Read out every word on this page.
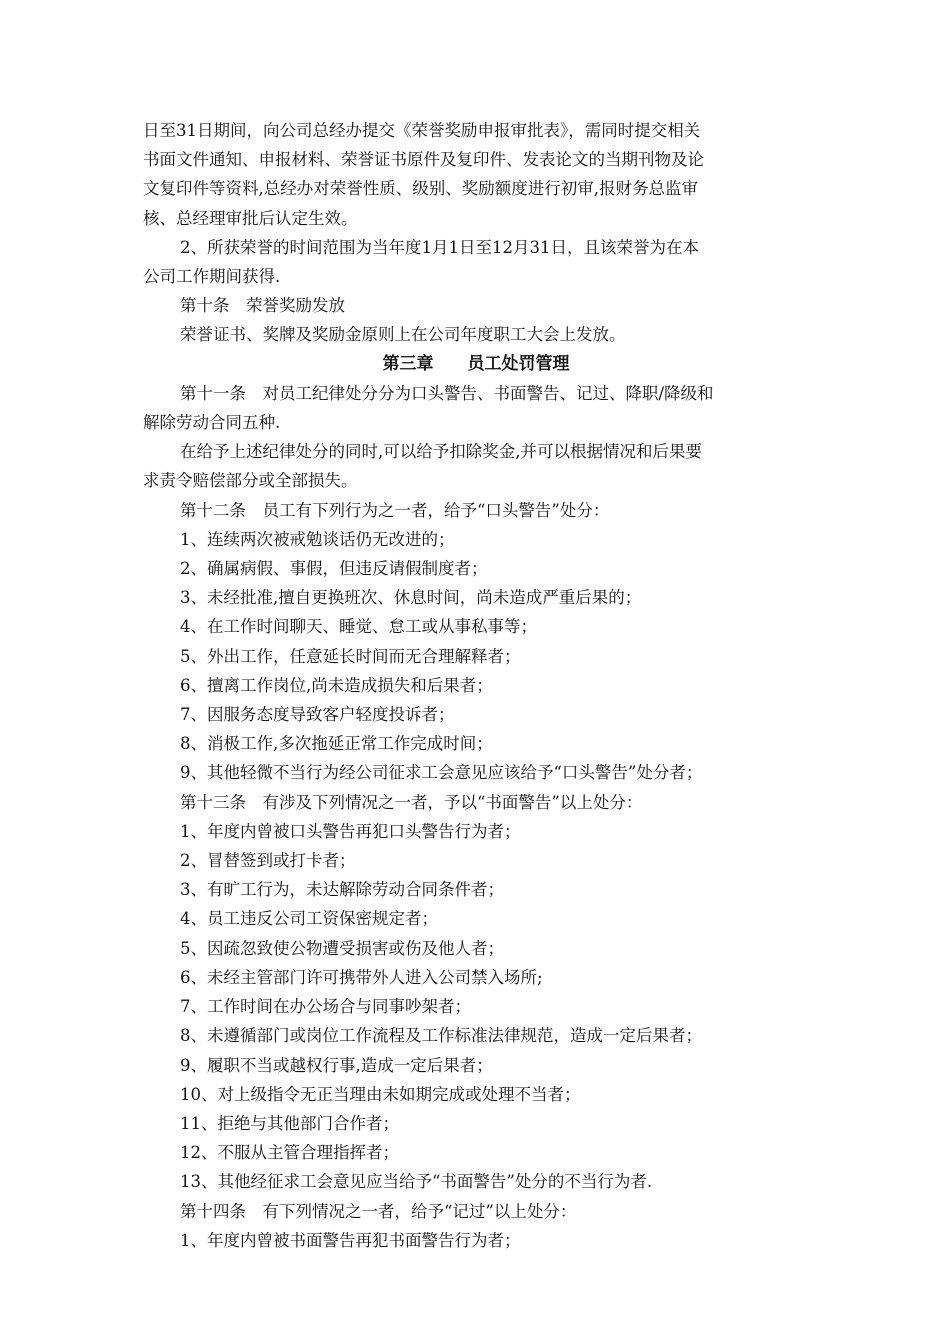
日至31日期间，向公司总经办提交《荣誉奖励申报审批表》，需同时提交相关
书面文件通知、申报材料、荣誉证书原件及复印件、发表论文的当期刊物及论
文复印件等资料,总经办对荣誉性质、级别、奖励额度进行初审,报财务总监审
核、总经理审批后认定生效。
2、所获荣誉的时间范围为当年度1月1日至12月31日，且该荣誉为在本
公司工作期间获得.
第十条　荣誉奖励发放
荣誉证书、奖牌及奖励金原则上在公司年度职工大会上发放。
第三章　　员工处罚管理
第十一条　对员工纪律处分分为口头警告、书面警告、记过、降职/降级和
解除劳动合同五种.
在给予上述纪律处分的同时,可以给予扣除奖金,并可以根据情况和后果要
求责令赔偿部分或全部损失。
第十二条　员工有下列行为之一者，给予“口头警告”处分：
1、连续两次被戒勉谈话仍无改进的；
2、确属病假、事假，但违反请假制度者；
3、未经批准,擅自更换班次、休息时间，尚未造成严重后果的；
4、在工作时间聊天、睡觉、怠工或从事私事等；
5、外出工作，任意延长时间而无合理解释者；
6、擅离工作岗位,尚未造成损失和后果者；
7、因服务态度导致客户轻度投诉者；
8、消极工作,多次拖延正常工作完成时间；
9、其他轻微不当行为经公司征求工会意见应该给予“口头警告”处分者；
第十三条　有涉及下列情况之一者，予以“书面警告”以上处分：
1、年度内曾被口头警告再犯口头警告行为者；
2、冒替签到或打卡者；
3、有旷工行为，未达解除劳动合同条件者；
4、员工违反公司工资保密规定者；
5、因疏忽致使公物遭受损害或伤及他人者；
6、未经主管部门许可携带外人进入公司禁入场所;
7、工作时间在办公场合与同事吵架者；
8、未遵循部门或岗位工作流程及工作标准法律规范，造成一定后果者；
9、履职不当或越权行事,造成一定后果者；
10、对上级指令无正当理由未如期完成或处理不当者；
11、拒绝与其他部门合作者；
12、不服从主管合理指挥者；
13、其他经征求工会意见应当给予“书面警告”处分的不当行为者.
第十四条　有下列情况之一者，给予“记过”以上处分：
1、年度内曾被书面警告再犯书面警告行为者；
